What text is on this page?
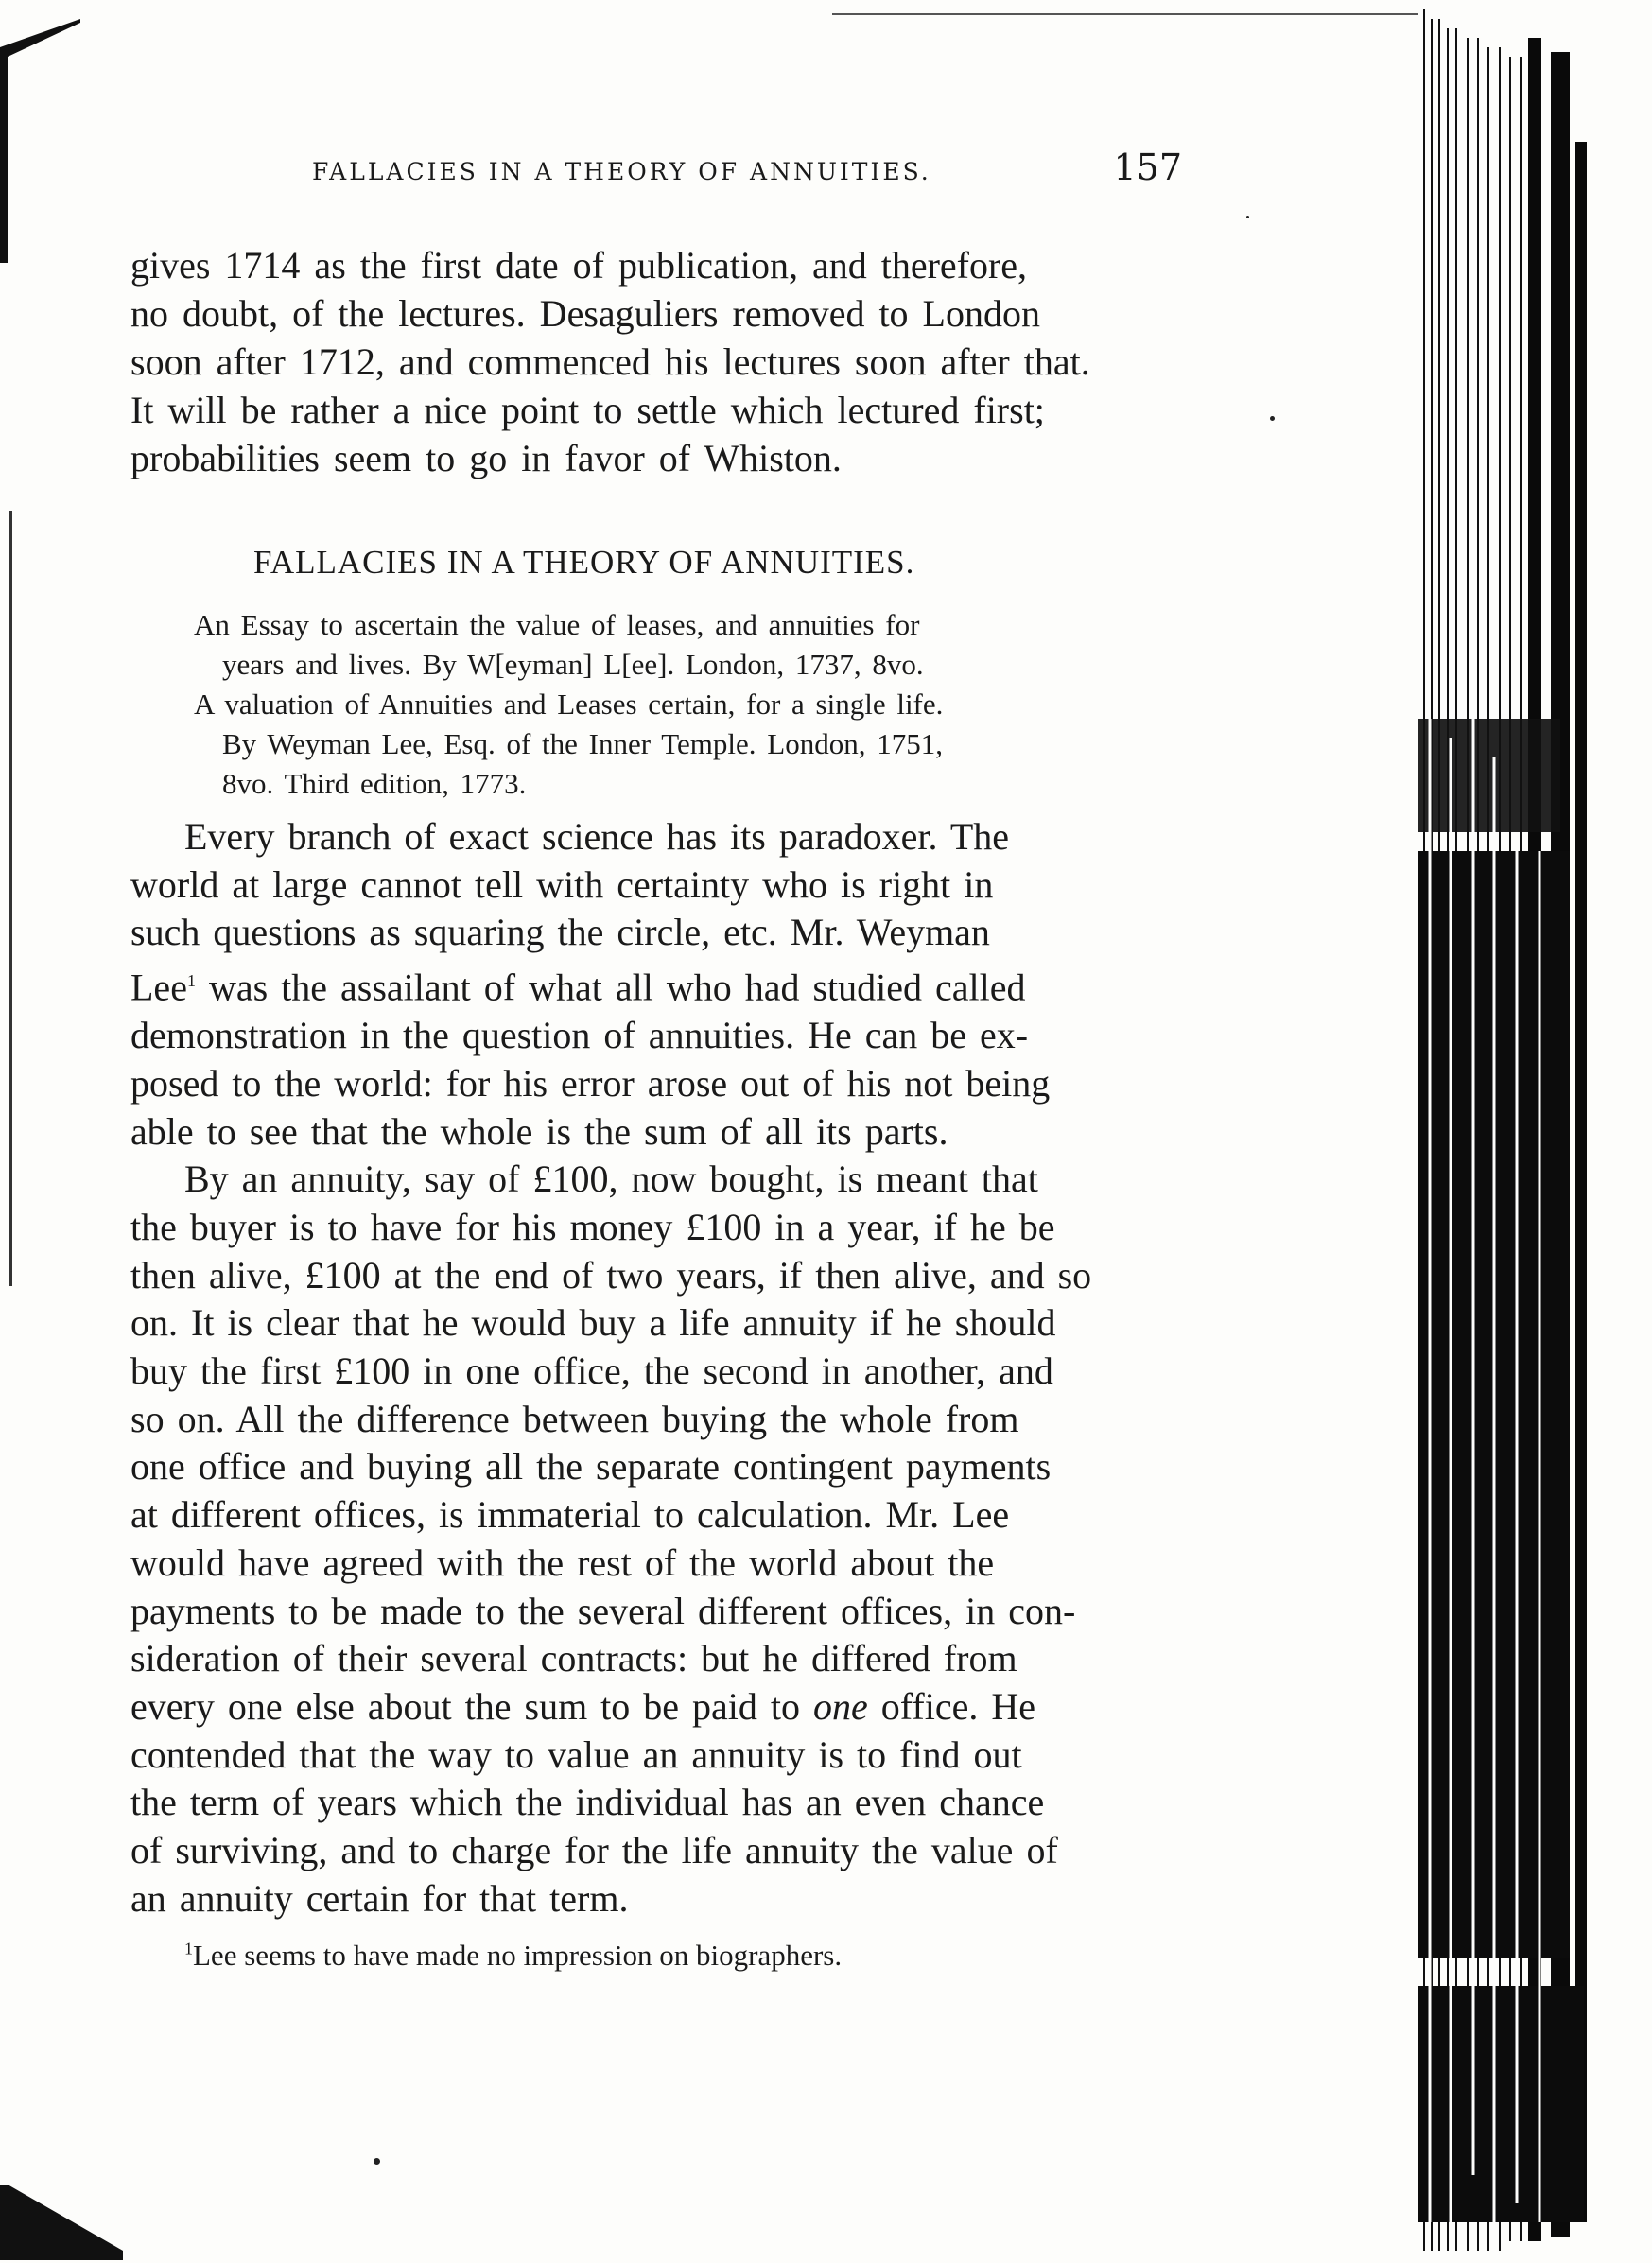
FALLACIES IN A THEORY OF ANNUITIES.	157
gives 1714 as the first date of publication, and therefore,
no doubt, of the lectures. Desaguliers removed to London
soon after 1712, and commenced his lectures soon after that.
It will be rather a nice point to settle which lectured first;
probabilities seem to go in favor of Whiston.
FALLACIES IN A THEORY OF ANNUITIES.
An Essay to ascertain the value of leases, and annuities for
years and lives. By W[eyman] L[ee]. London, 1737, 8vo.
A valuation of Annuities and Leases certain, for a single life.
By Weyman Lee, Esq. of the Inner Temple. London, 1751,
8vo. Third edition, 1773.
Every branch of exact science has its paradoxer. The
world at large cannot tell with certainty who is right in
such questions as squaring the circle, etc. Mr. Weyman
Lee$^1$ was the assailant of what all who had studied called
demonstration in the question of annuities. He can be ex-
posed to the world: for his error arose out of his not being
able to see that the whole is the sum of all its parts.
By an annuity, say of £100, now bought, is meant that
the buyer is to have for his money £100 in a year, if he be
then alive, £100 at the end of two years, if then alive, and so
on. It is clear that he would buy a life annuity if he should
buy the first £100 in one office, the second in another, and
so on. All the difference between buying the whole from
one office and buying all the separate contingent payments
at different offices, is immaterial to calculation. Mr. Lee
would have agreed with the rest of the world about the
payments to be made to the several different offices, in con-
sideration of their several contracts: but he differed from
every one else about the sum to be paid to one office. He
contended that the way to value an annuity is to find out
the term of years which the individual has an even chance
of surviving, and to charge for the life annuity the value of
an annuity certain for that term.
$^1$Lee seems to have made no impression on biographers.
